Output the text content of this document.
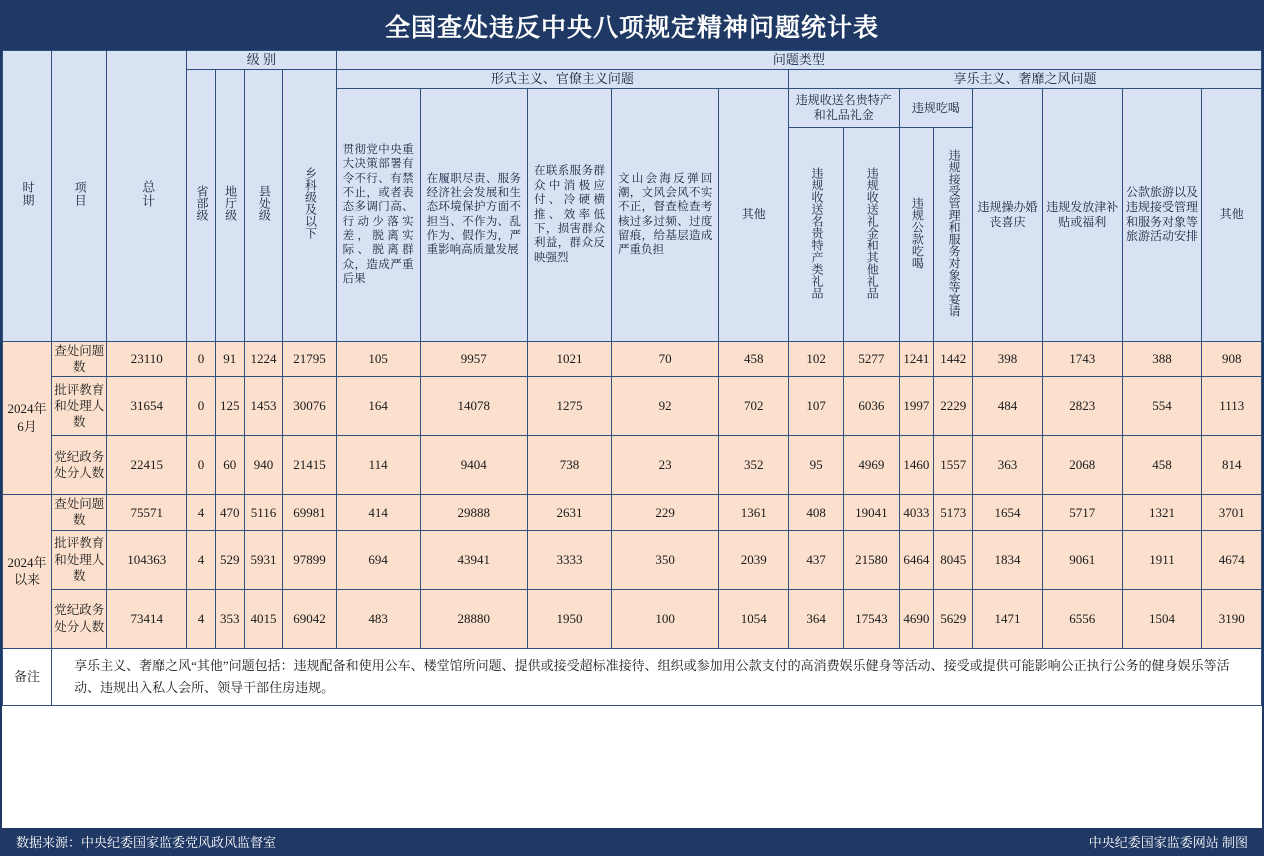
全国查处违反中央八项规定精神问题统计表
时期	项目	总计	级 别				问题类型												
			省部级	地厅级	县处级	乡科级及以下	形式主义、官僚主义问题					享乐主义、奢靡之风问题							

							贯彻党中央重大决策部署有令不行、有禁不止，或者表态多调门高、行动少落实差，脱离实际、脱离群众，造成严重后果	在履职尽责、服务经济社会发展和生态环境保护方面不担当、不作为、乱作为、假作为，严重影响高质量发展	在联系服务群众中消极应付、冷硬横推、效率低下，损害群众利益，群众反映强烈	文山会海反弹回潮，文风会风不实不正，督查检查考核过多过频、过度留痕，给基层造成严重负担	其他	违规收送名贵特产和礼品礼金		违规吃喝		违规操办婚丧喜庆	违规发放津补贴或福利	公款旅游以及违规接受管理和服务对象等旅游活动安排	其他
												违规收送名贵特产类礼品	违规收送礼金和其他礼品	违规公款吃喝	违规接受管理和服务对象等宴请				
2024年6月	查处问题数	23110	0	91	1224	21795	105	9957	1021	70	458	102	5277	1241	1442	398	1743	388	908
	批评教育和处理人数	31654	0	125	1453	30076	164	14078	1275	92	702	107	6036	1997	2229	484	2823	554	1113
	党纪政务处分人数	22415	0	60	940	21415	114	9404	738	23	352	95	4969	1460	1557	363	2068	458	814
2024年以来	查处问题数	75571	4	470	5116	69981	414	29888	2631	229	1361	408	19041	4033	5173	1654	5717	1321	3701
	批评教育和处理人数	104363	4	529	5931	97899	694	43941	3333	350	2039	437	21580	6464	8045	1834	9061	1911	4674
	党纪政务处分人数	73414	4	353	4015	69042	483	28880	1950	100	1054	364	17543	4690	5629	1471	6556	1504	3190
备注	享乐主义、奢靡之风“其他”问题包括：违规配备和使用公车、楼堂馆所问题、提供或接受超标准接待、组织或参加用公款支付的高消费娱乐健身等活动、接受或提供可能影响公正执行公务的健身娱乐等活动、违规出入私人会所、领导干部住房违规。																		
数据来源：中央纪委国家监委党风政风监督室	中央纪委国家监委网站 制图
